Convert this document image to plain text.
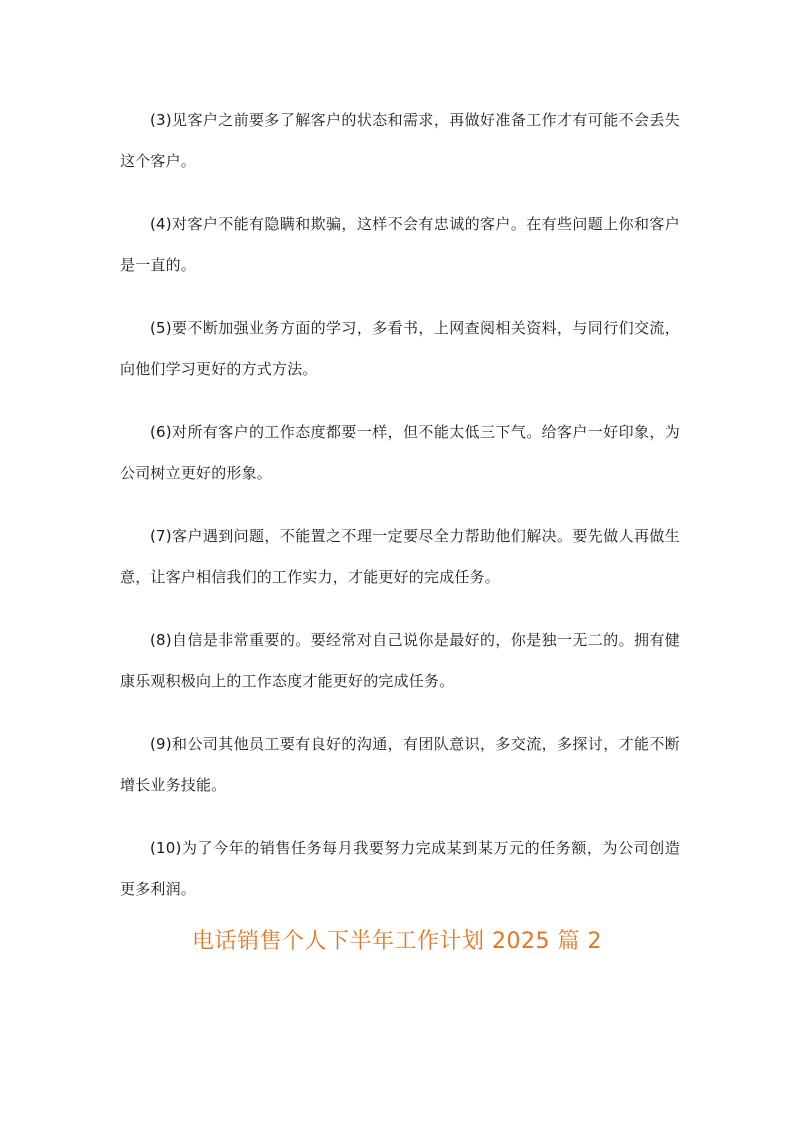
(3)见客户之前要多了解客户的状态和需求，再做好准备工作才有可能不会丢失这个客户。

(4)对客户不能有隐瞒和欺骗，这样不会有忠诚的客户。在有些问题上你和客户是一直的。

(5)要不断加强业务方面的学习，多看书，上网查阅相关资料，与同行们交流，向他们学习更好的方式方法。

(6)对所有客户的工作态度都要一样，但不能太低三下气。给客户一好印象，为公司树立更好的形象。

(7)客户遇到问题，不能置之不理一定要尽全力帮助他们解决。要先做人再做生意，让客户相信我们的工作实力，才能更好的完成任务。

(8)自信是非常重要的。要经常对自己说你是最好的，你是独一无二的。拥有健康乐观积极向上的工作态度才能更好的完成任务。

(9)和公司其他员工要有良好的沟通，有团队意识，多交流，多探讨，才能不断增长业务技能。

(10)为了今年的销售任务每月我要努力完成某到某万元的任务额，为公司创造更多利润。

电话销售个人下半年工作计划 2025 篇 2
